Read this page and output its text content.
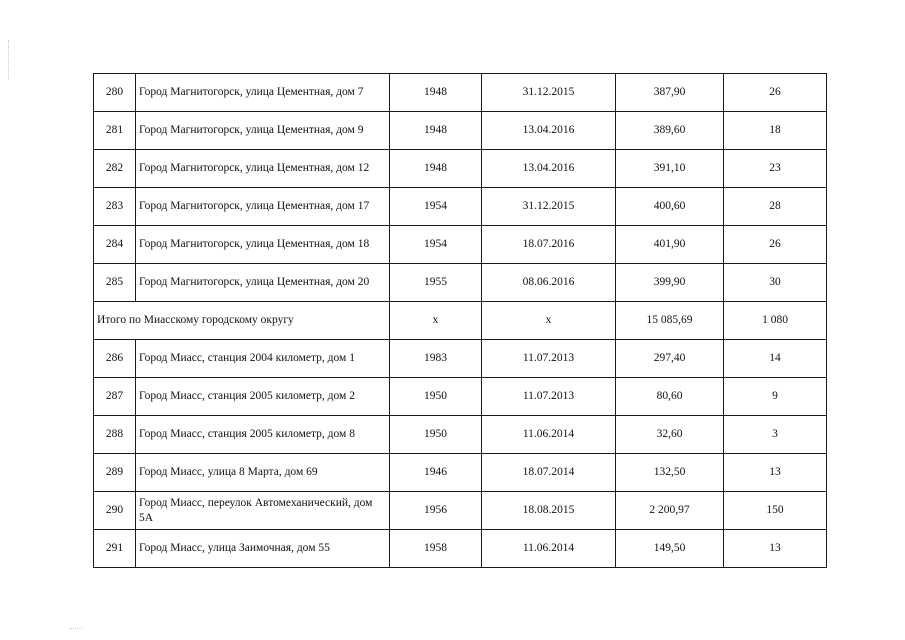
280	Город Магнитогорск, улица Цементная, дом 7	1948	31.12.2015	387,90	26
281	Город Магнитогорск, улица Цементная, дом 9	1948	13.04.2016	389,60	18
282	Город Магнитогорск, улица Цементная, дом 12	1948	13.04.2016	391,10	23
283	Город Магнитогорск, улица Цементная, дом 17	1954	31.12.2015	400,60	28
284	Город Магнитогорск, улица Цементная, дом 18	1954	18.07.2016	401,90	26
285	Город Магнитогорск, улица Цементная, дом 20	1955	08.06.2016	399,90	30
Итого по Миасскому городскому округу		х	х	15 085,69	1 080
286	Город Миасс, станция 2004 километр, дом 1	1983	11.07.2013	297,40	14
287	Город Миасс, станция 2005 километр, дом 2	1950	11.07.2013	80,60	9
288	Город Миасс, станция 2005 километр, дом 8	1950	11.06.2014	32,60	3
289	Город Миасс, улица 8 Марта, дом 69	1946	18.07.2014	132,50	13
290	Город Миасс, переулок Автомеханический, дом 5А	1956	18.08.2015	2 200,97	150
291	Город Миасс, улица Заимочная, дом 55	1958	11.06.2014	149,50	13
